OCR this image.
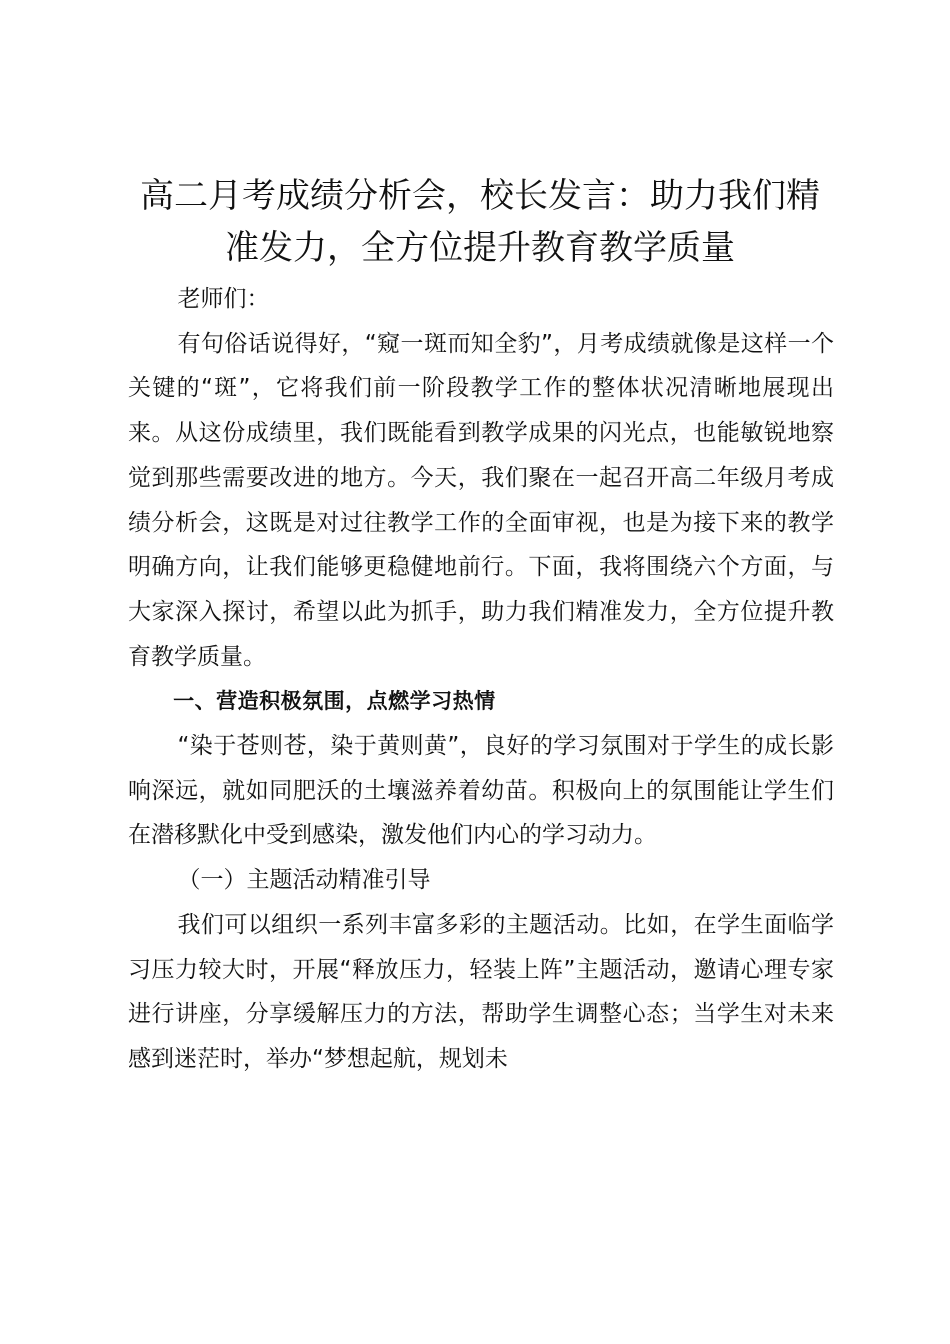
高二月考成绩分析会，校长发言：助力我们精
准发力，全方位提升教育教学质量

老师们：

有句俗话说得好，“窥一斑而知全豹”，月考成绩就像是这样一个关键的“斑”，它将我们前一阶段教学工作的整体状况清晰地展现出来。从这份成绩里，我们既能看到教学成果的闪光点，也能敏锐地察觉到那些需要改进的地方。今天，我们聚在一起召开高二年级月考成绩分析会，这既是对过往教学工作的全面审视，也是为接下来的教学明确方向，让我们能够更稳健地前行。下面，我将围绕六个方面，与大家深入探讨，希望以此为抓手，助力我们精准发力，全方位提升教育教学质量。

一、营造积极氛围，点燃学习热情

“染于苍则苍，染于黄则黄”，良好的学习氛围对于学生的成长影响深远，就如同肥沃的土壤滋养着幼苗。积极向上的氛围能让学生们在潜移默化中受到感染，激发他们内心的学习动力。

（一）主题活动精准引导

我们可以组织一系列丰富多彩的主题活动。比如，在学生面临学习压力较大时，开展“释放压力，轻装上阵”主题活动，邀请心理专家进行讲座，分享缓解压力的方法，帮助学生调整心态；当学生对未来感到迷茫时，举办“梦想起航，规划未
